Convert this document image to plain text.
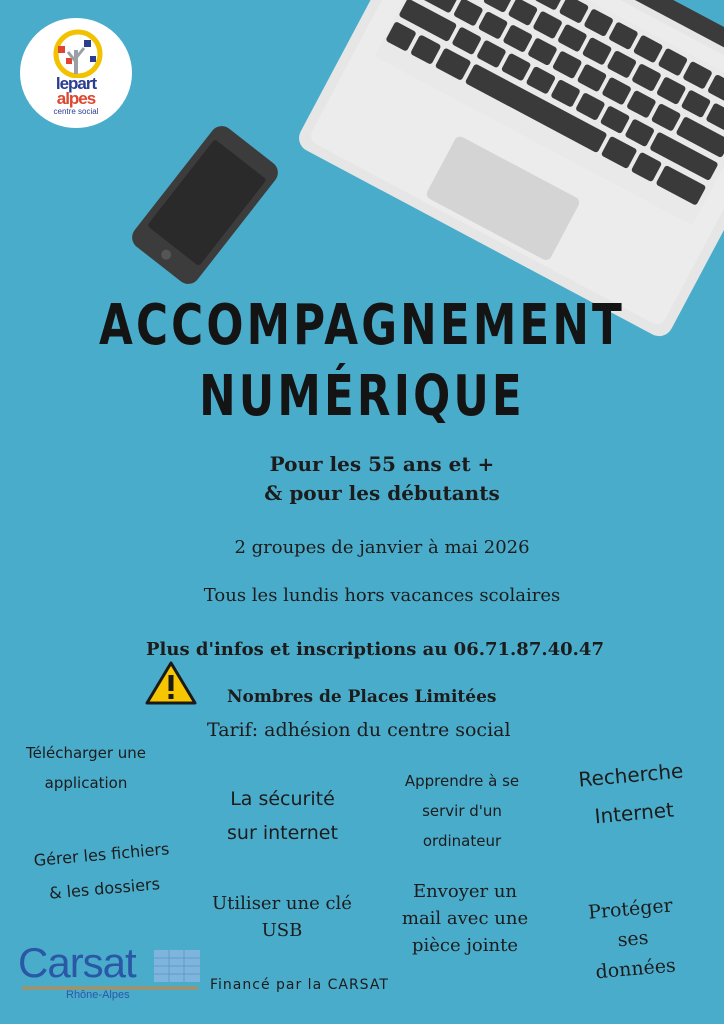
lepart
alpes
centre social
ACCOMPAGNEMENT
NUMÉRIQUE
Pour les 55 ans et +
& pour les débutants
2 groupes de janvier à mai 2026
Tous les lundis hors vacances scolaires
Plus d'infos et inscriptions au 06.71.87.40.47
Nombres de Places Limitées
Tarif: adhésion du centre social
Télécharger une
application
La sécurité
sur internet
Apprendre à se
servir d'un
ordinateur
Recherche
Internet
Gérer les fichiers
& les dossiers
Utiliser une clé
USB
Envoyer un
mail avec une
pièce jointe
Protéger
ses
données
Carsat
Rhône-Alpes
Financé par la CARSAT
